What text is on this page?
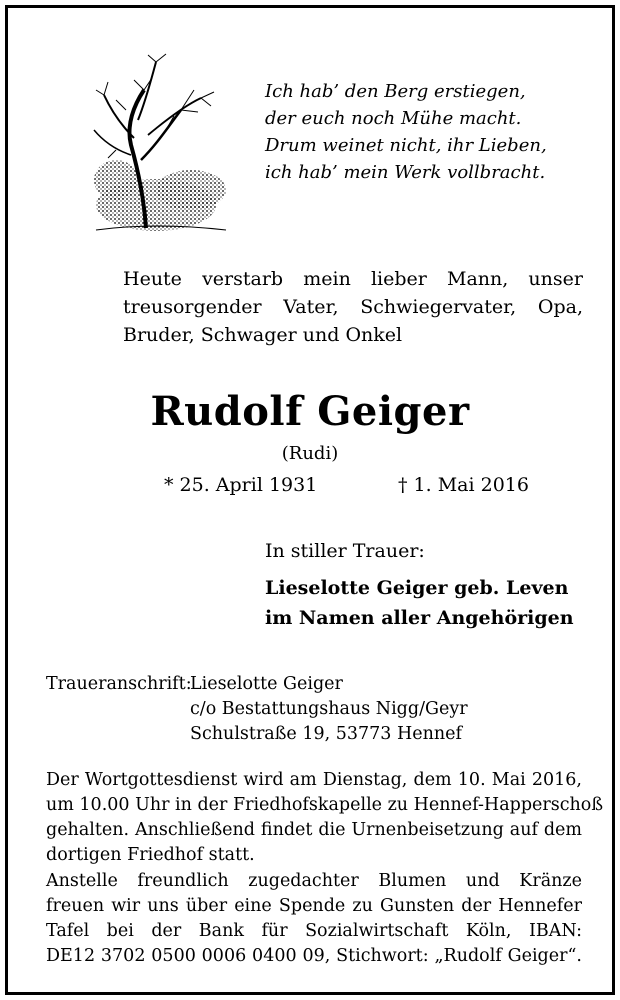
Ich hab’ den Berg erstiegen,
der euch noch Mühe macht.
Drum weinet nicht, ihr Lieben,
ich hab’ mein Werk vollbracht.
Heute verstarb mein lieber Mann, unser
treusorgender Vater, Schwiegervater, Opa,
Bruder, Schwager und Onkel
Rudolf Geiger
(Rudi)
* 25. April 1931	† 1. Mai 2016
In stiller Trauer:
Lieselotte Geiger geb. Leven
im Namen aller Angehörigen
Traueranschrift:
Lieselotte Geiger
c/o Bestattungshaus Nigg/Geyr
Schulstraße 19, 53773 Hennef
Der Wortgottesdienst wird am Dienstag, dem 10. Mai 2016,
um 10.00 Uhr in der Friedhofskapelle zu Hennef-Happerschoß
gehalten. Anschließend findet die Urnenbeisetzung auf dem
dortigen Friedhof statt.
Anstelle freundlich zugedachter Blumen und Kränze
freuen wir uns über eine Spende zu Gunsten der Hennefer
Tafel bei der Bank für Sozialwirtschaft Köln, IBAN:
DE12 3702 0500 0006 0400 09, Stichwort: „Rudolf Geiger“.
